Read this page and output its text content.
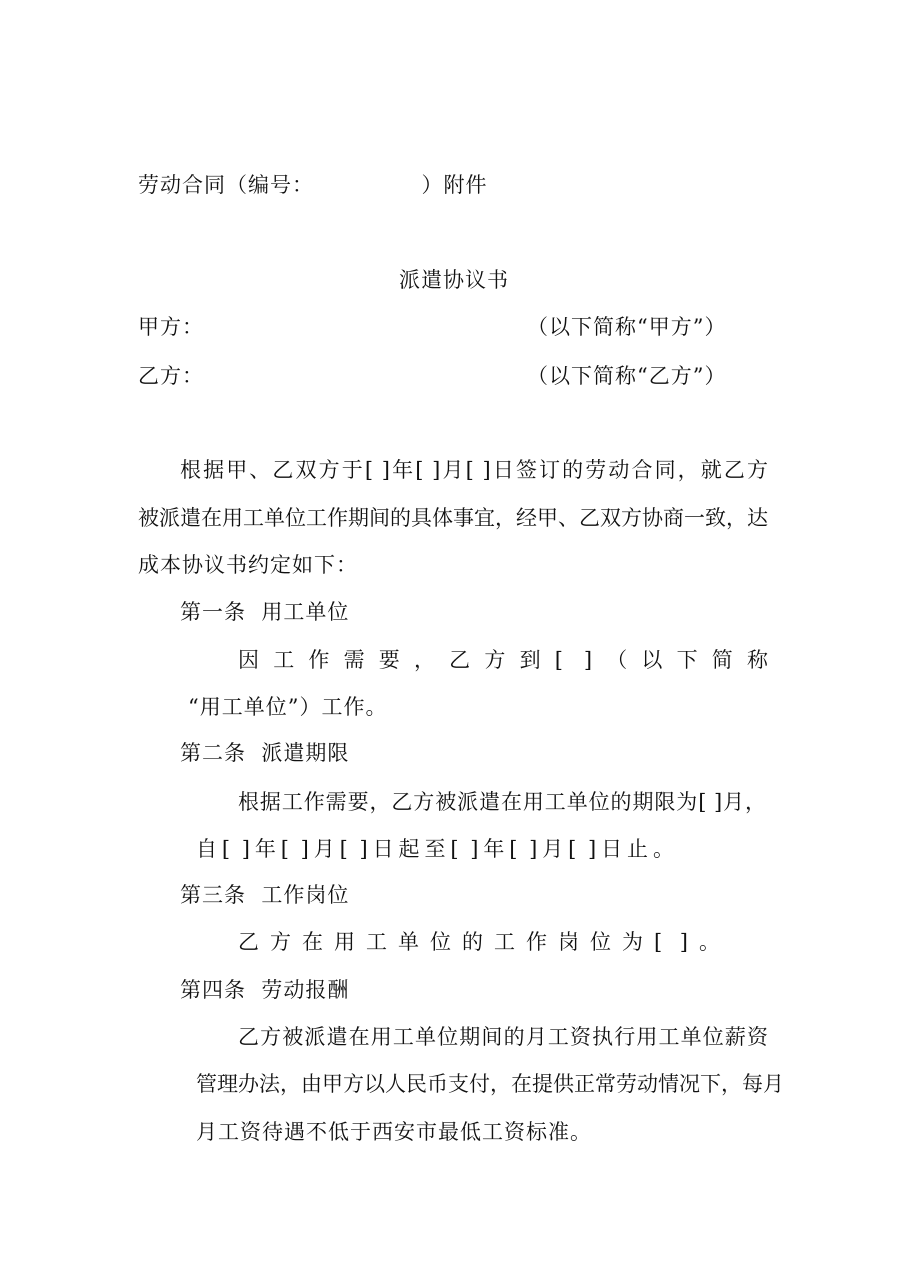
劳动合同（编号：              ）附件
派遣协议书
甲方：	（以下简称“甲方”）
乙方：	（以下简称“乙方”）
根据甲、乙双方于[ ]年[ ]月[ ]日签订的劳动合同，就乙方
被派遣在用工单位工作期间的具体事宜，经甲、乙双方协商一致，达
成本协议书约定如下：
第一条  用工单位
因工作需要，乙方到[ ]（以下简称
“用工单位”）工作。
第二条  派遣期限
根据工作需要，乙方被派遣在用工单位的期限为[ ]月，
自[ ]年[ ]月[ ]日起至[ ]年[ ]月[ ]日止。
第三条  工作岗位
乙方在用工单位的工作岗位为[ ]。
第四条  劳动报酬
乙方被派遣在用工单位期间的月工资执行用工单位薪资
管理办法，由甲方以人民币支付，在提供正常劳动情况下，每月
月工资待遇不低于西安市最低工资标准。
